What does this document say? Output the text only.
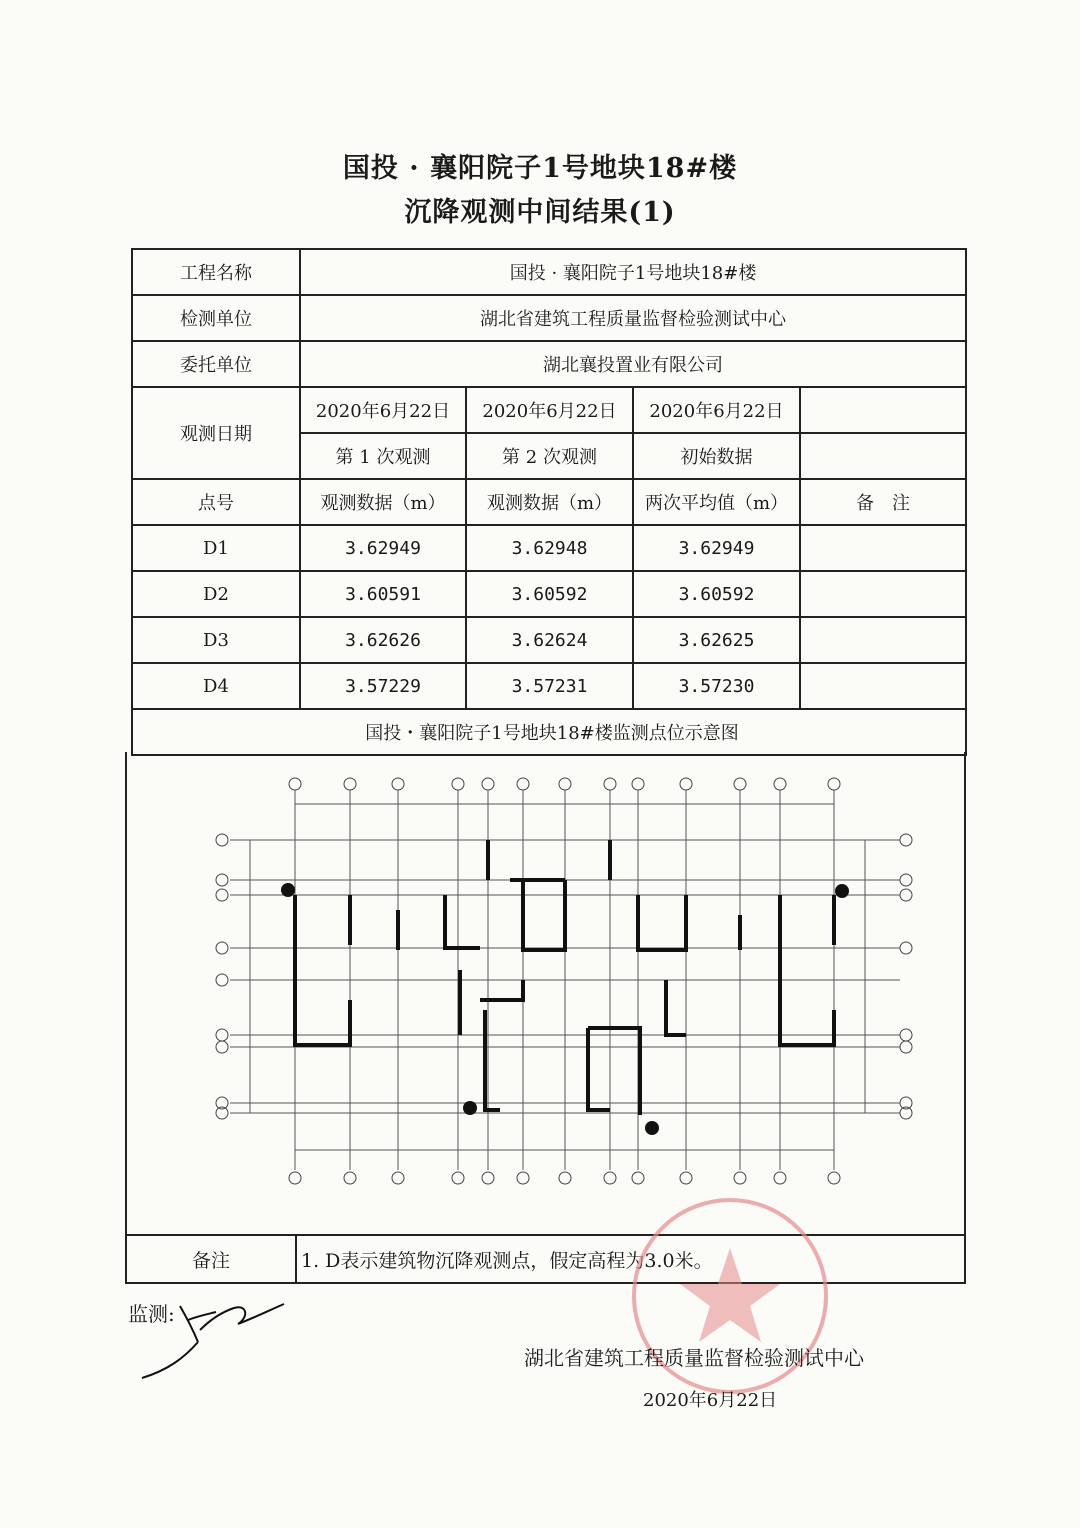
国投 · 襄阳院子1号地块18#楼
沉降观测中间结果(1)
工程名称	国投 · 襄阳院子1号地块18#楼			
检测单位	湖北省建筑工程质量监督检验测试中心			
委托单位	湖北襄投置业有限公司			
观测日期	2020年6月22日	2020年6月22日	2020年6月22日	
	第 1 次观测	第 2 次观测	初始数据	
点号	观测数据（m）	观测数据（m）	两次平均值（m）	备　注
D1	3.62949	3.62948	3.62949	
D2	3.60591	3.60592	3.60592	
D3	3.62626	3.62624	3.62625	
D4	3.57229	3.57231	3.57230	
国投・襄阳院子1号地块18#楼监测点位示意图				
备注	1. D表示建筑物沉降观测点，假定高程为3.0米。
监测:
湖北省建筑工程质量监督检验测试中心
2020年6月22日
